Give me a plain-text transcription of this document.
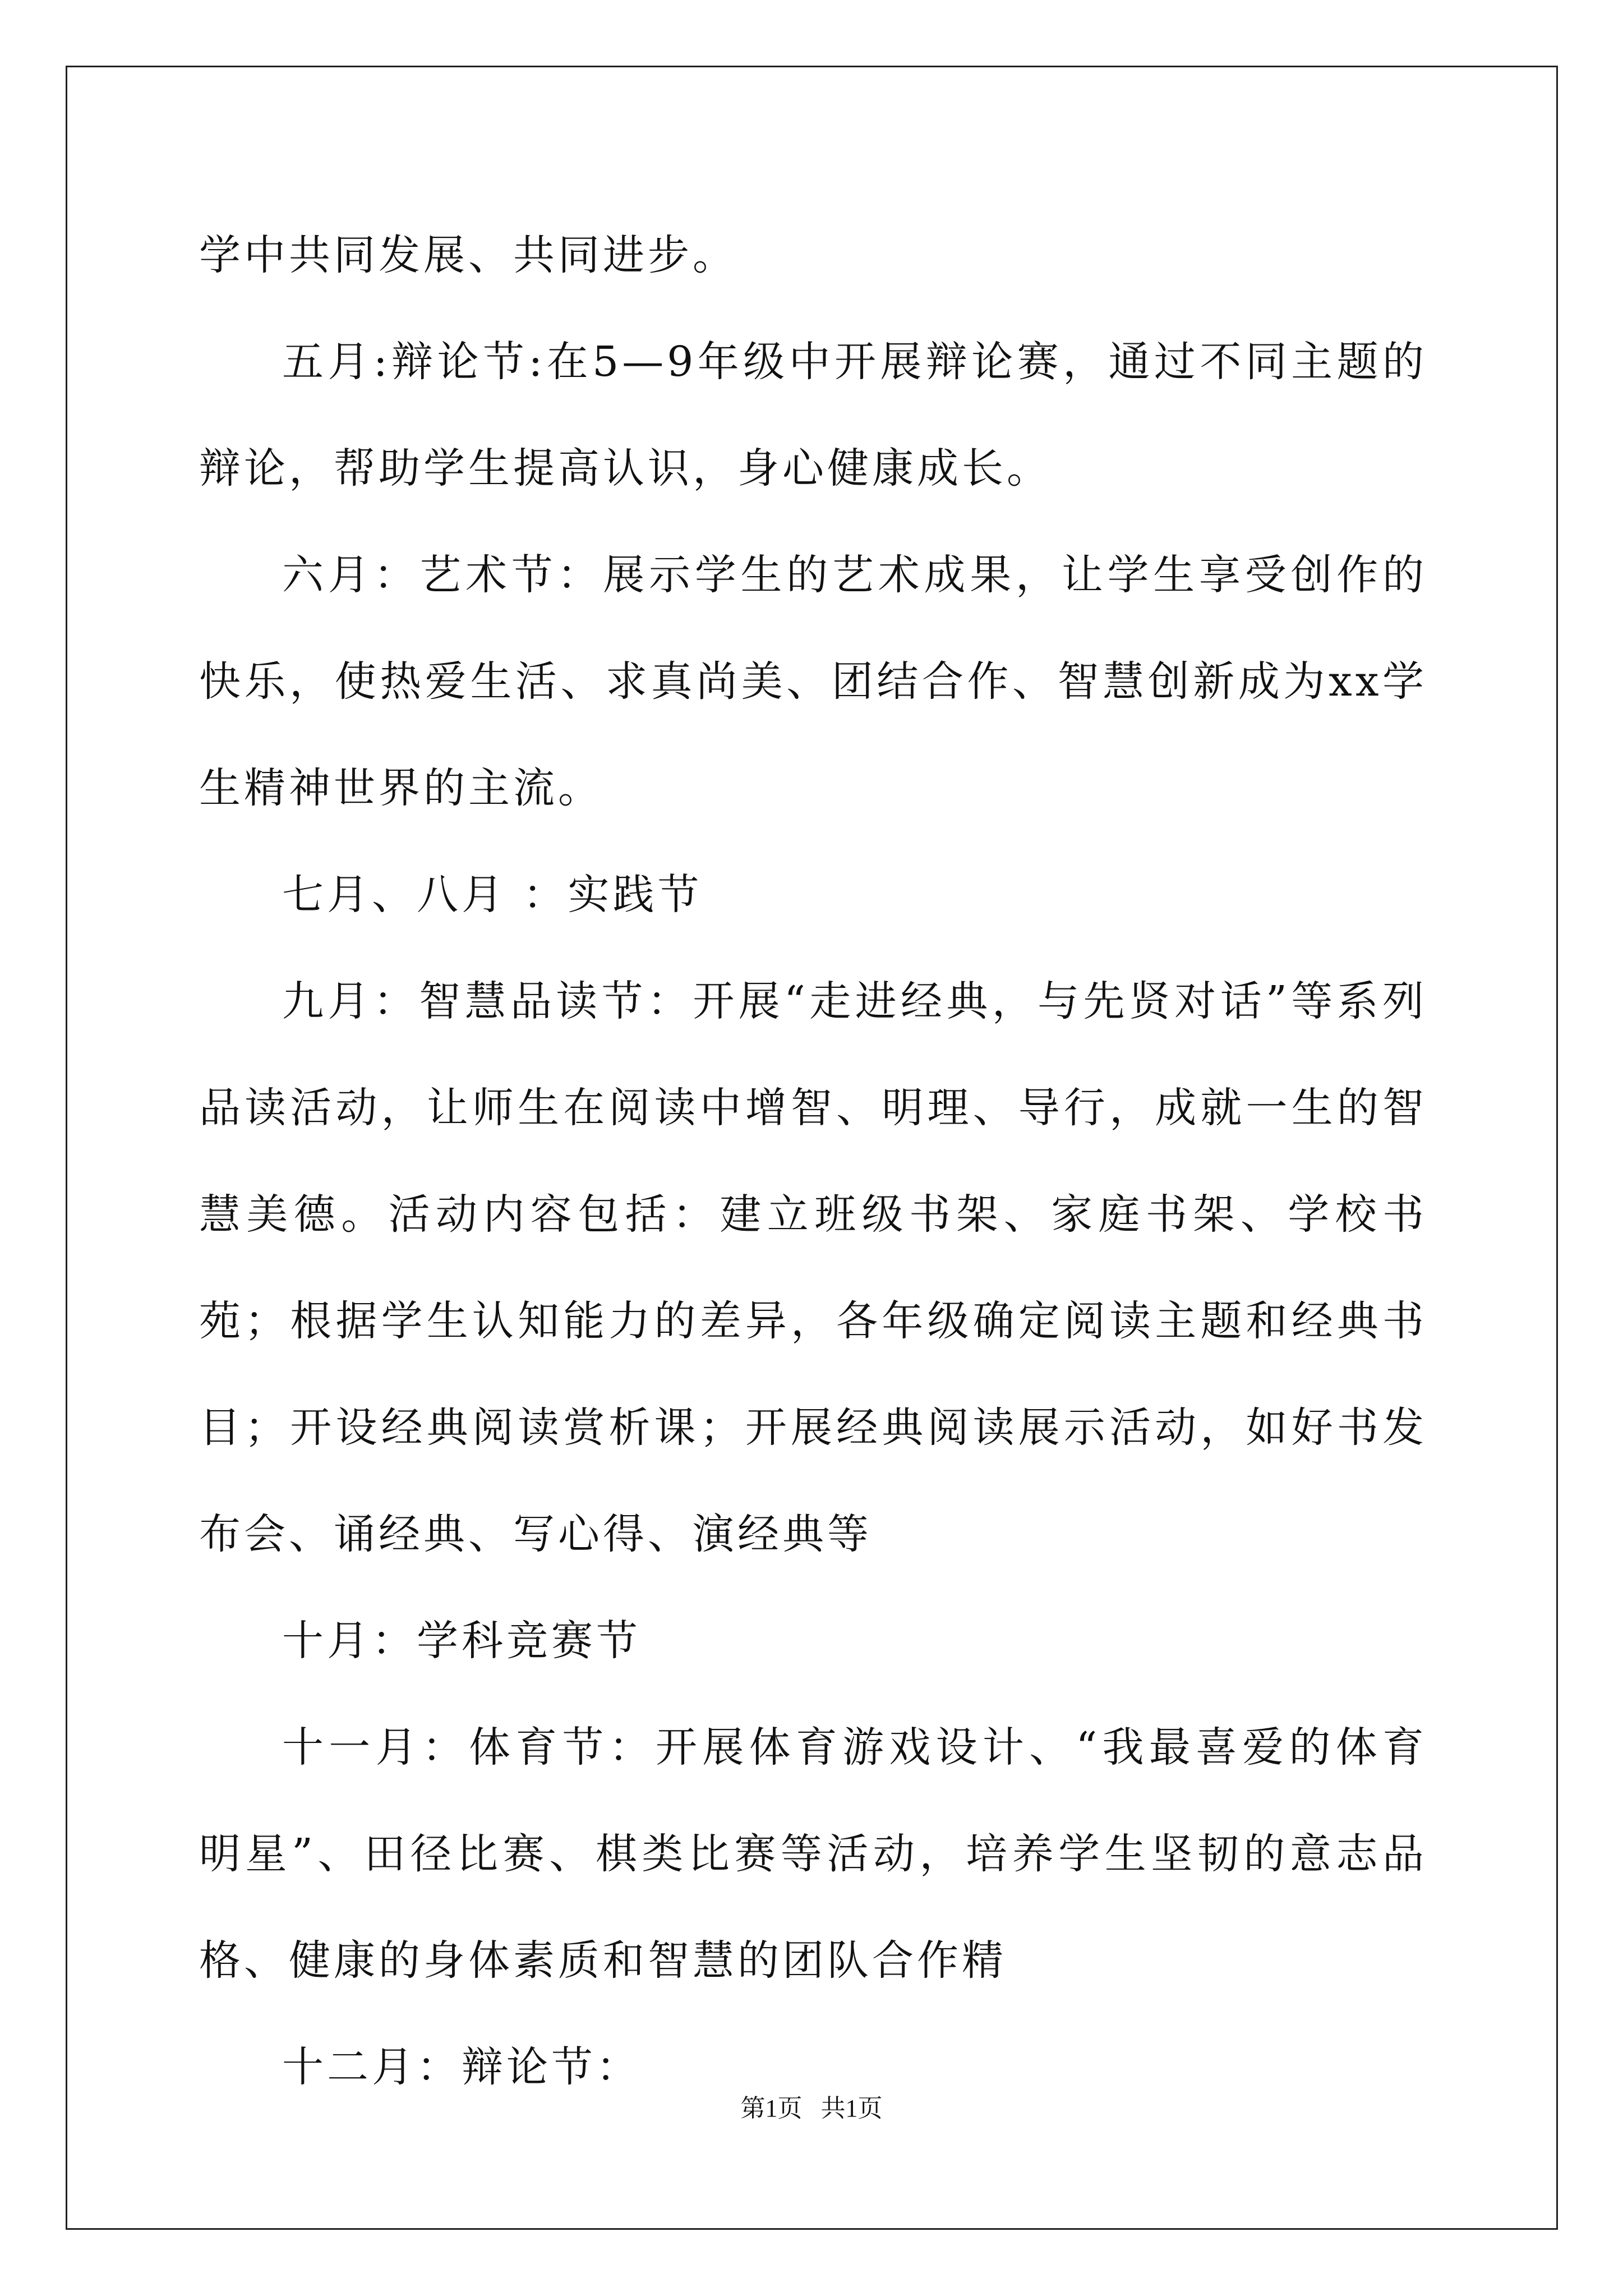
学中共同发展、共同进步。

五月:辩论节:在5—9年级中开展辩论赛，通过不同主题的辩论，帮助学生提高认识，身心健康成长。

六月：艺术节：展示学生的艺术成果，让学生享受创作的快乐，使热爱生活、求真尚美、团结合作、智慧创新成为xx学生精神世界的主流。

七月、八月 ：实践节

九月：智慧品读节：开展“走进经典，与先贤对话”等系列品读活动，让师生在阅读中增智、明理、导行，成就一生的智慧美德。活动内容包括：建立班级书架、家庭书架、学校书苑；根据学生认知能力的差异，各年级确定阅读主题和经典书目；开设经典阅读赏析课；开展经典阅读展示活动，如好书发布会、诵经典、写心得、演经典等

十月：学科竞赛节

十一月：体育节：开展体育游戏设计、“我最喜爱的体育明星”、田径比赛、棋类比赛等活动，培养学生坚韧的意志品格、健康的身体素质和智慧的团队合作精

十二月：辩论节：

第1页   共1页
